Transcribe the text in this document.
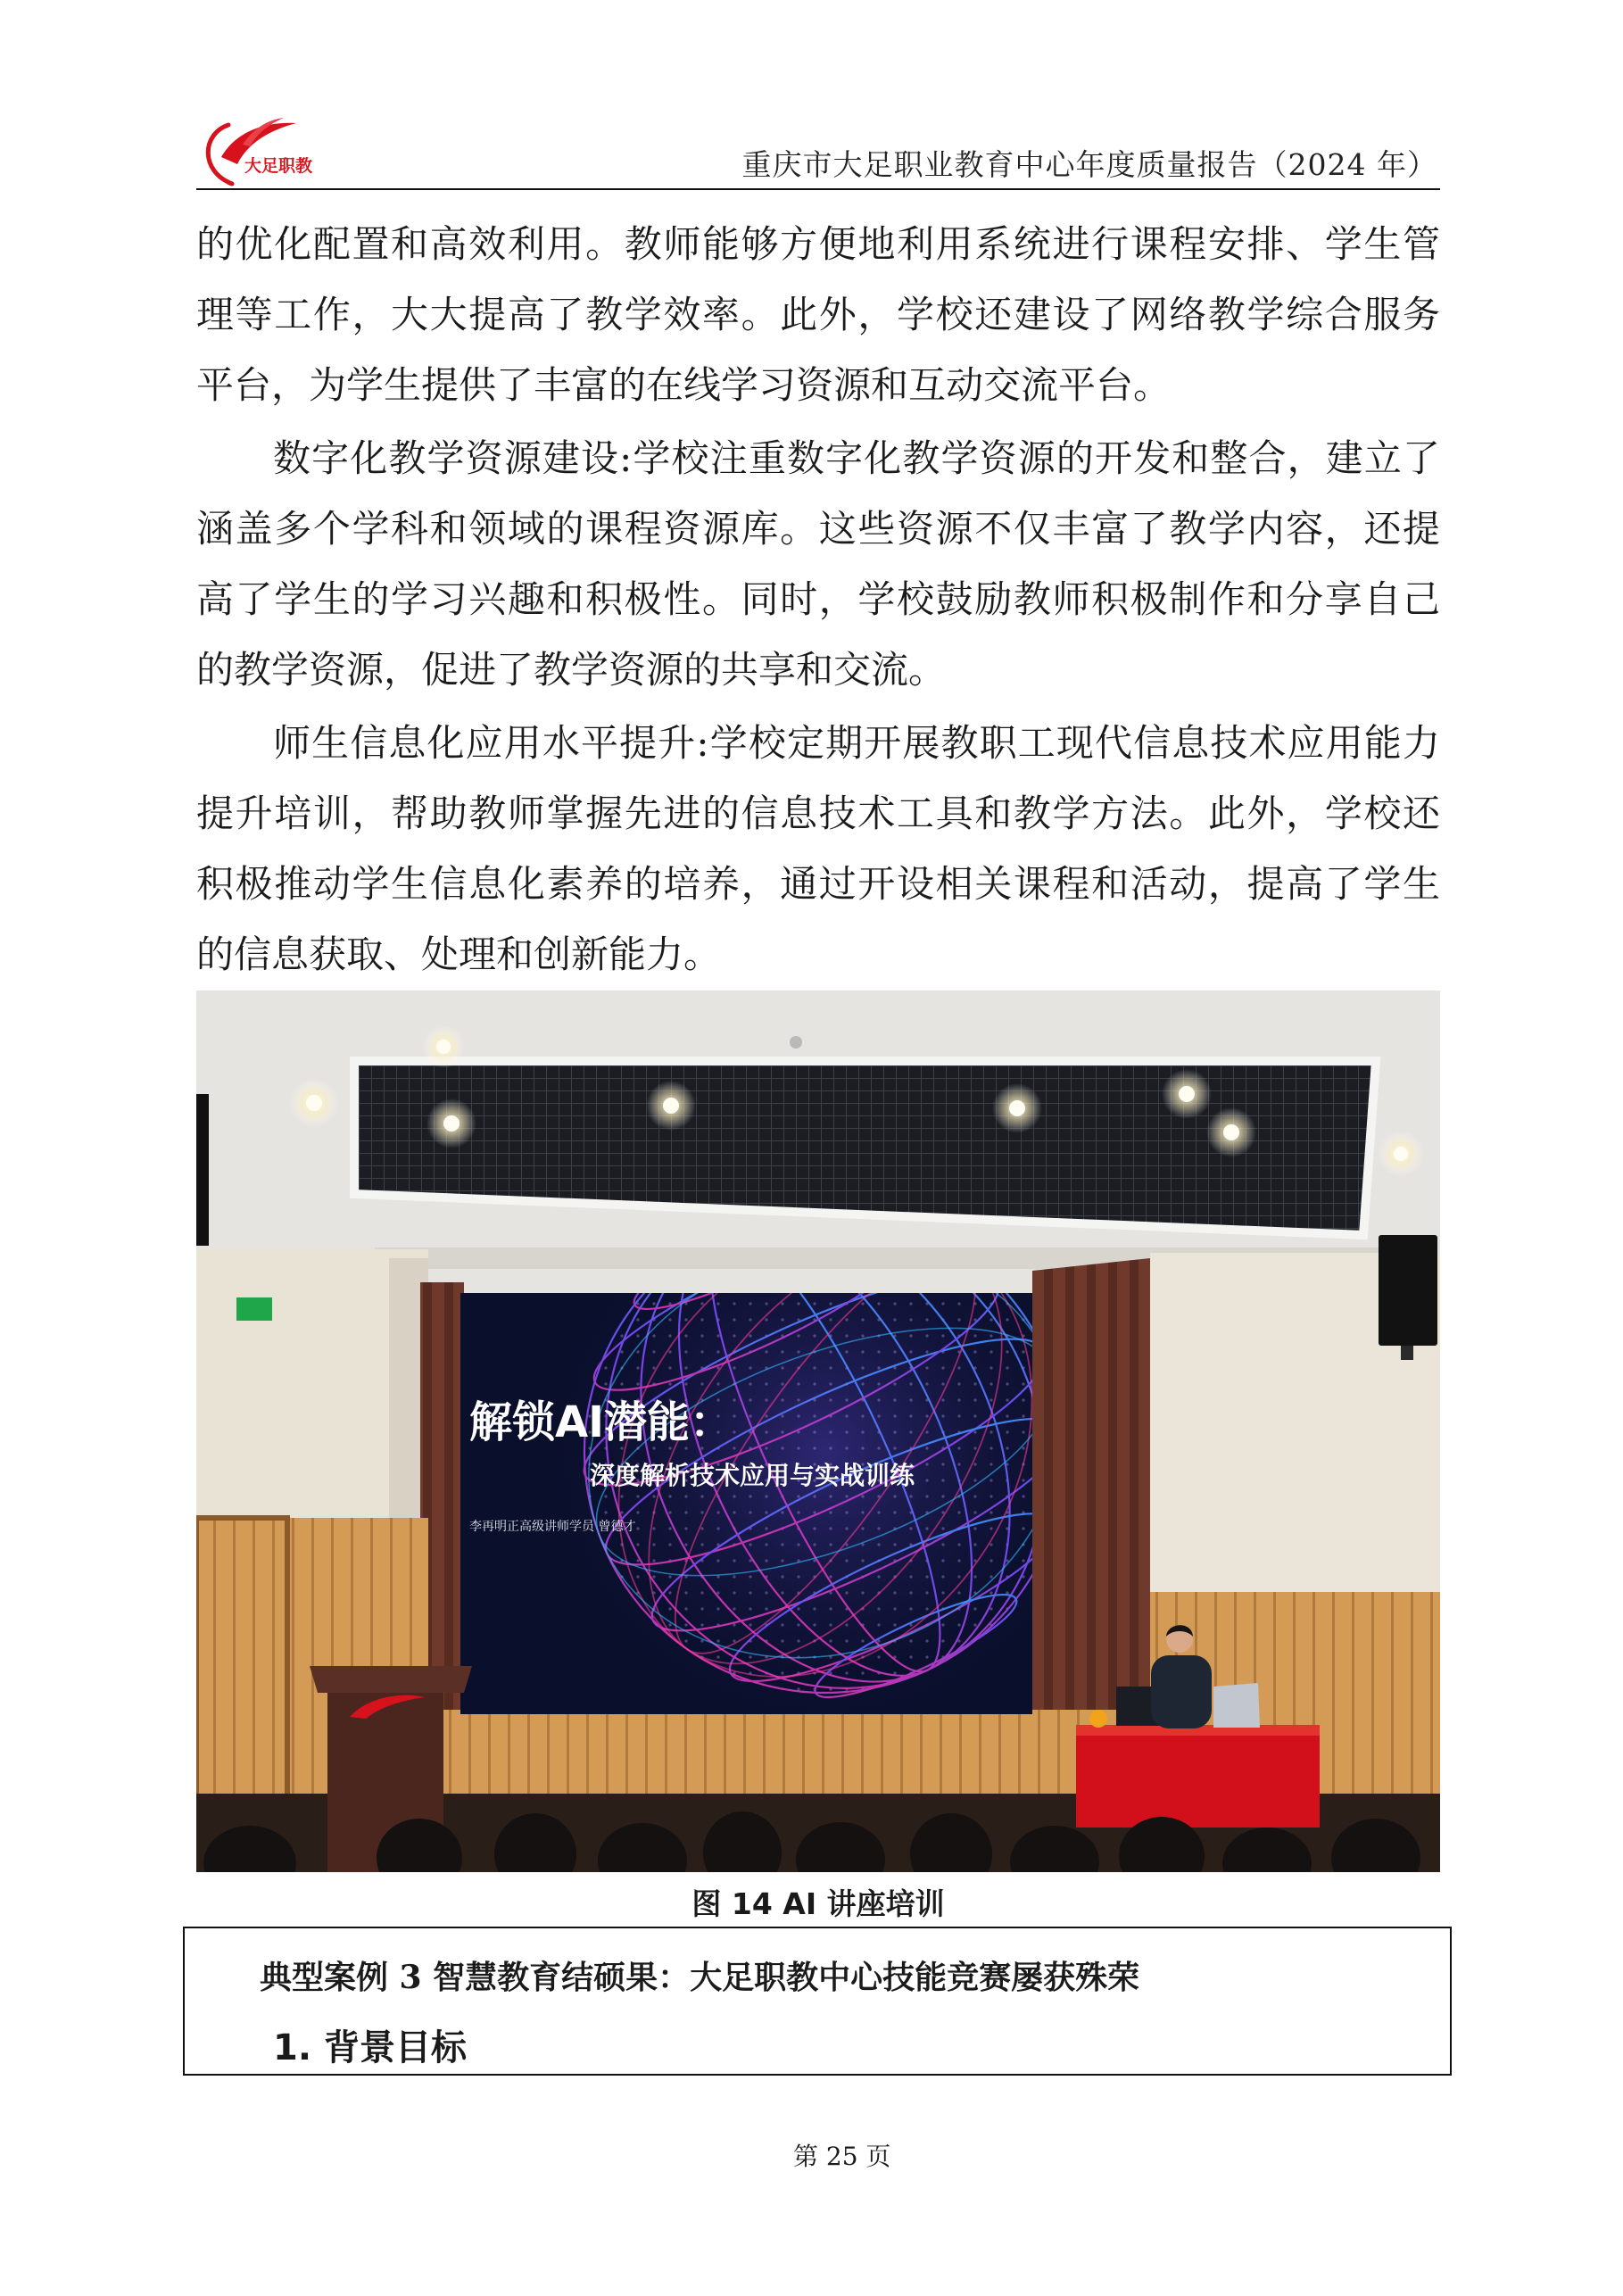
大足职教	重庆市大足职业教育中心年度质量报告（2024 年）
的优化配置和高效利用。教师能够方便地利用系统进行课程安排、学生管
理等工作，大大提高了教学效率。此外，学校还建设了网络教学综合服务
平台，为学生提供了丰富的在线学习资源和互动交流平台。
数字化教学资源建设:学校注重数字化教学资源的开发和整合，建立了
涵盖多个学科和领域的课程资源库。这些资源不仅丰富了教学内容，还提
高了学生的学习兴趣和积极性。同时，学校鼓励教师积极制作和分享自己
的教学资源，促进了教学资源的共享和交流。
师生信息化应用水平提升:学校定期开展教职工现代信息技术应用能力
提升培训，帮助教师掌握先进的信息技术工具和教学方法。此外，学校还
积极推动学生信息化素养的培养，通过开设相关课程和活动，提高了学生
的信息获取、处理和创新能力。
解锁AI潜能：
深度解析技术应用与实战训练
李再明正高级讲师学员 曾德才
图 14 AI 讲座培训
典型案例 3 智慧教育结硕果：大足职教中心技能竞赛屡获殊荣
1. 背景目标
第 25 页
